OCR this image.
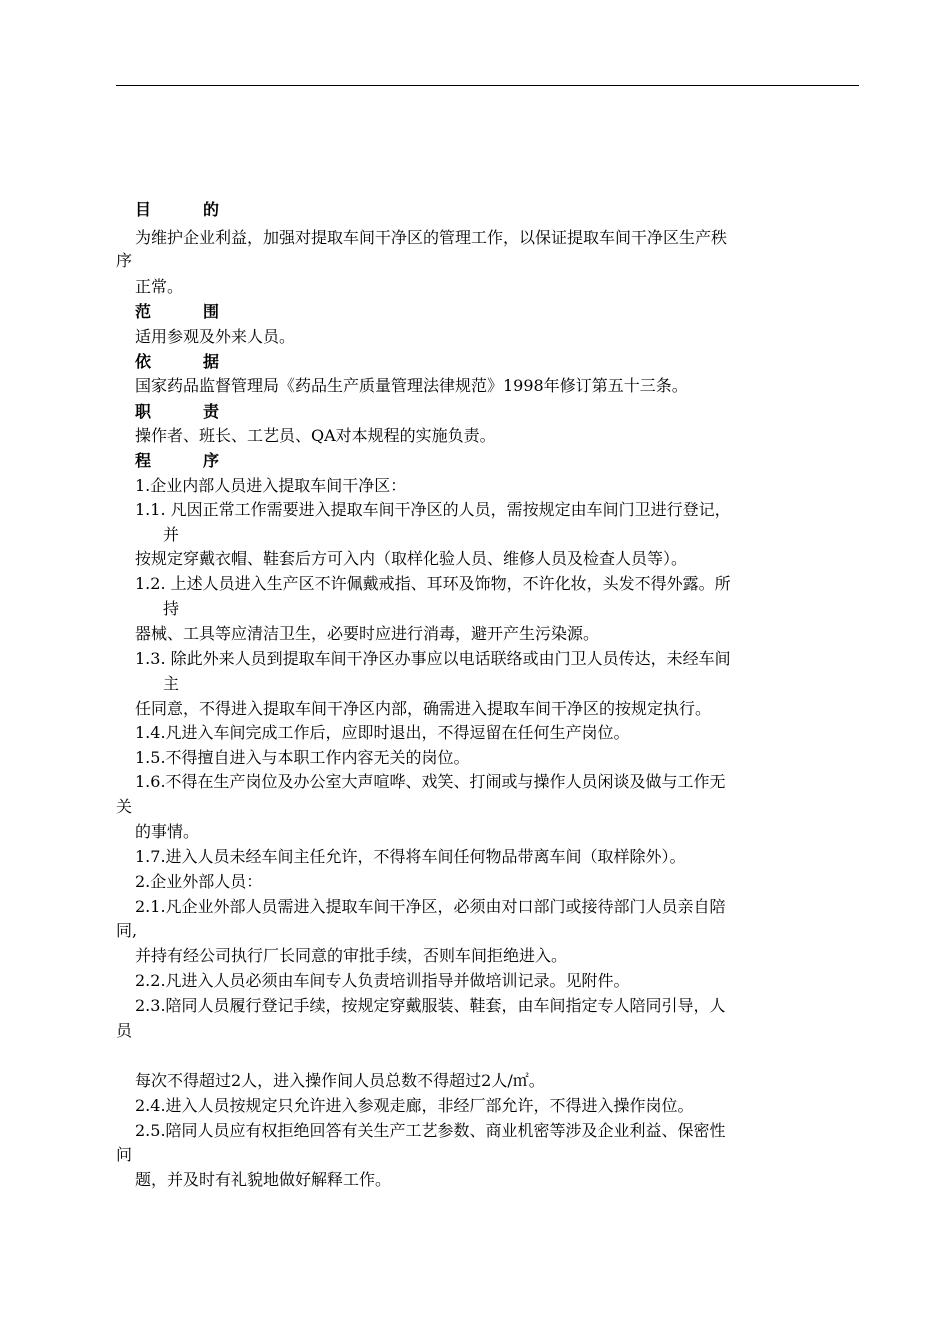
目　的
为维护企业利益，加强对提取车间干净区的管理工作，以保证提取车间干净区生产秩
序
正常。
范　围
适用参观及外来人员。
依　据
国家药品监督管理局《药品生产质量管理法律规范》1998年修订第五十三条。
职　责
操作者、班长、工艺员、QA对本规程的实施负责。
程　序
1.企业内部人员进入提取车间干净区：
1.1. 凡因正常工作需要进入提取车间干净区的人员，需按规定由车间门卫进行登记，
并
按规定穿戴衣帽、鞋套后方可入内（取样化验人员、维修人员及检查人员等）。
1.2. 上述人员进入生产区不许佩戴戒指、耳环及饰物，不许化妆，头发不得外露。所
持
器械、工具等应清洁卫生，必要时应进行消毒，避开产生污染源。
1.3. 除此外来人员到提取车间干净区办事应以电话联络或由门卫人员传达，未经车间
主
任同意，不得进入提取车间干净区内部，确需进入提取车间干净区的按规定执行。
1.4.凡进入车间完成工作后，应即时退出，不得逗留在任何生产岗位。
1.5.不得擅自进入与本职工作内容无关的岗位。
1.6.不得在生产岗位及办公室大声喧哗、戏笑、打闹或与操作人员闲谈及做与工作无
关
的事情。
1.7.进入人员未经车间主任允许，不得将车间任何物品带离车间（取样除外）。
2.企业外部人员：
2.1.凡企业外部人员需进入提取车间干净区，必须由对口部门或接待部门人员亲自陪
同,
并持有经公司执行厂长同意的审批手续，否则车间拒绝进入。
2.2.凡进入人员必须由车间专人负责培训指导并做培训记录。见附件。
2.3.陪同人员履行登记手续，按规定穿戴服装、鞋套，由车间指定专人陪同引导，人
员
每次不得超过2人，进入操作间人员总数不得超过2人/㎡。
2.4.进入人员按规定只允许进入参观走廊，非经厂部允许，不得进入操作岗位。
2.5.陪同人员应有权拒绝回答有关生产工艺参数、商业机密等涉及企业利益、保密性
问
题，并及时有礼貌地做好解释工作。
